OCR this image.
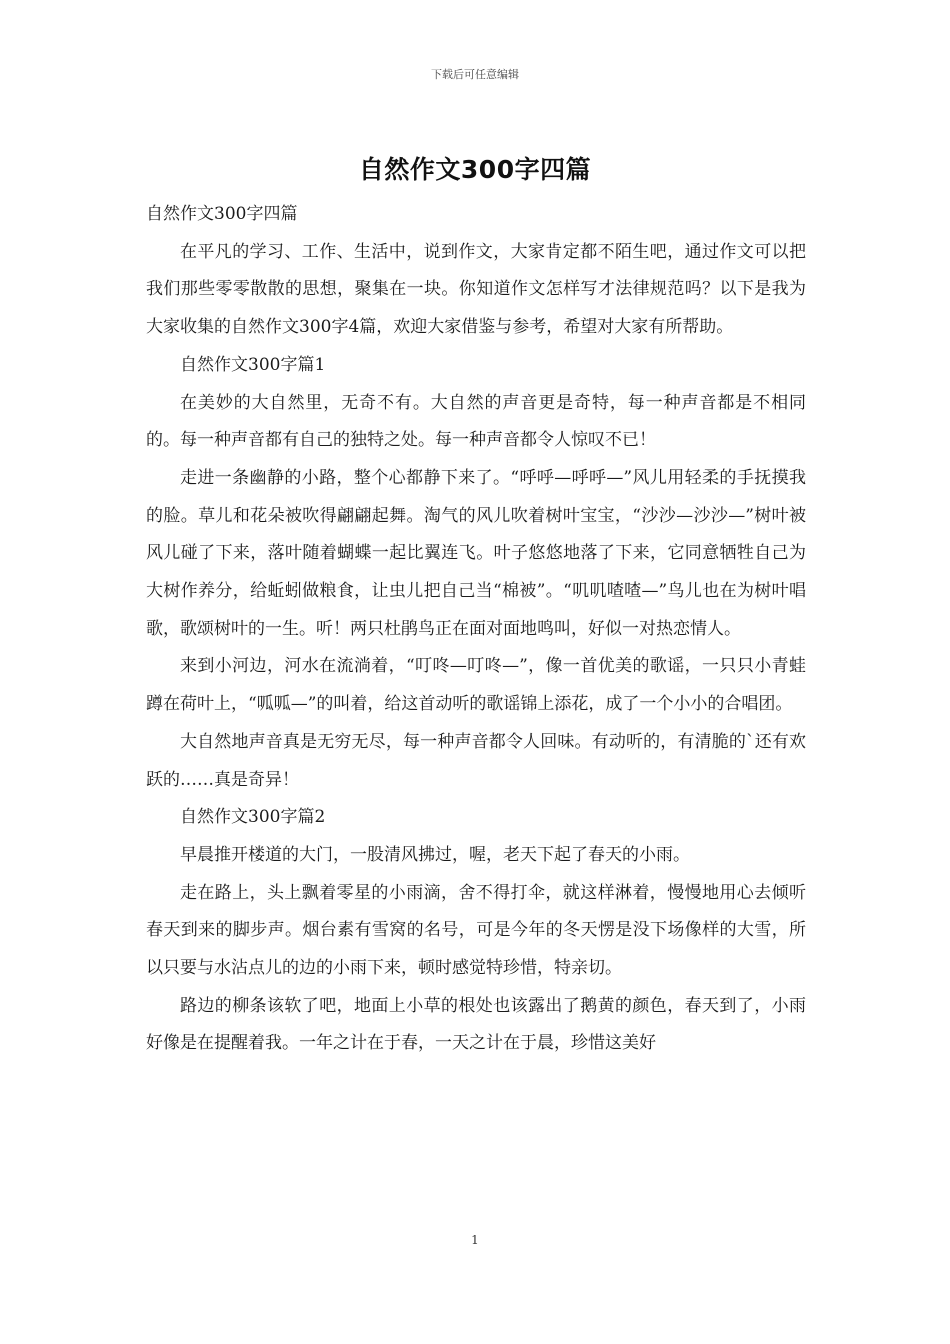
下载后可任意编辑
自然作文300字四篇

自然作文300字四篇

在平凡的学习、工作、生活中，说到作文，大家肯定都不陌生吧，通过作文可以把我们那些零零散散的思想，聚集在一块。你知道作文怎样写才法律规范吗？以下是我为大家收集的自然作文300字4篇，欢迎大家借鉴与参考，希望对大家有所帮助。

自然作文300字篇1

在美妙的大自然里，无奇不有。大自然的声音更是奇特，每一种声音都是不相同的。每一种声音都有自己的独特之处。每一种声音都令人惊叹不已！

走进一条幽静的小路，整个心都静下来了。“呼呼—呼呼—”风儿用轻柔的手抚摸我的脸。草儿和花朵被吹得翩翩起舞。淘气的风儿吹着树叶宝宝，“沙沙—沙沙—”树叶被风儿碰了下来，落叶随着蝴蝶一起比翼连飞。叶子悠悠地落了下来，它同意牺牲自己为大树作养分，给蚯蚓做粮食，让虫儿把自己当“棉被”。“叽叽喳喳—”鸟儿也在为树叶唱歌，歌颂树叶的一生。听！两只杜鹃鸟正在面对面地鸣叫，好似一对热恋情人。

来到小河边，河水在流淌着，“叮咚—叮咚—”，像一首优美的歌谣，一只只小青蛙蹲在荷叶上，“呱呱—”的叫着，给这首动听的歌谣锦上添花，成了一个小小的合唱团。

大自然地声音真是无穷无尽，每一种声音都令人回味。有动听的，有清脆的`还有欢跃的……真是奇异！

自然作文300字篇2

早晨推开楼道的大门，一股清风拂过，喔，老天下起了春天的小雨。

走在路上，头上飘着零星的小雨滴，舍不得打伞，就这样淋着，慢慢地用心去倾听春天到来的脚步声。烟台素有雪窝的名号，可是今年的冬天愣是没下场像样的大雪，所以只要与水沾点儿的边的小雨下来，顿时感觉特珍惜，特亲切。

路边的柳条该软了吧，地面上小草的根处也该露出了鹅黄的颜色，春天到了，小雨好像是在提醒着我。一年之计在于春，一天之计在于晨，珍惜这美好

1
